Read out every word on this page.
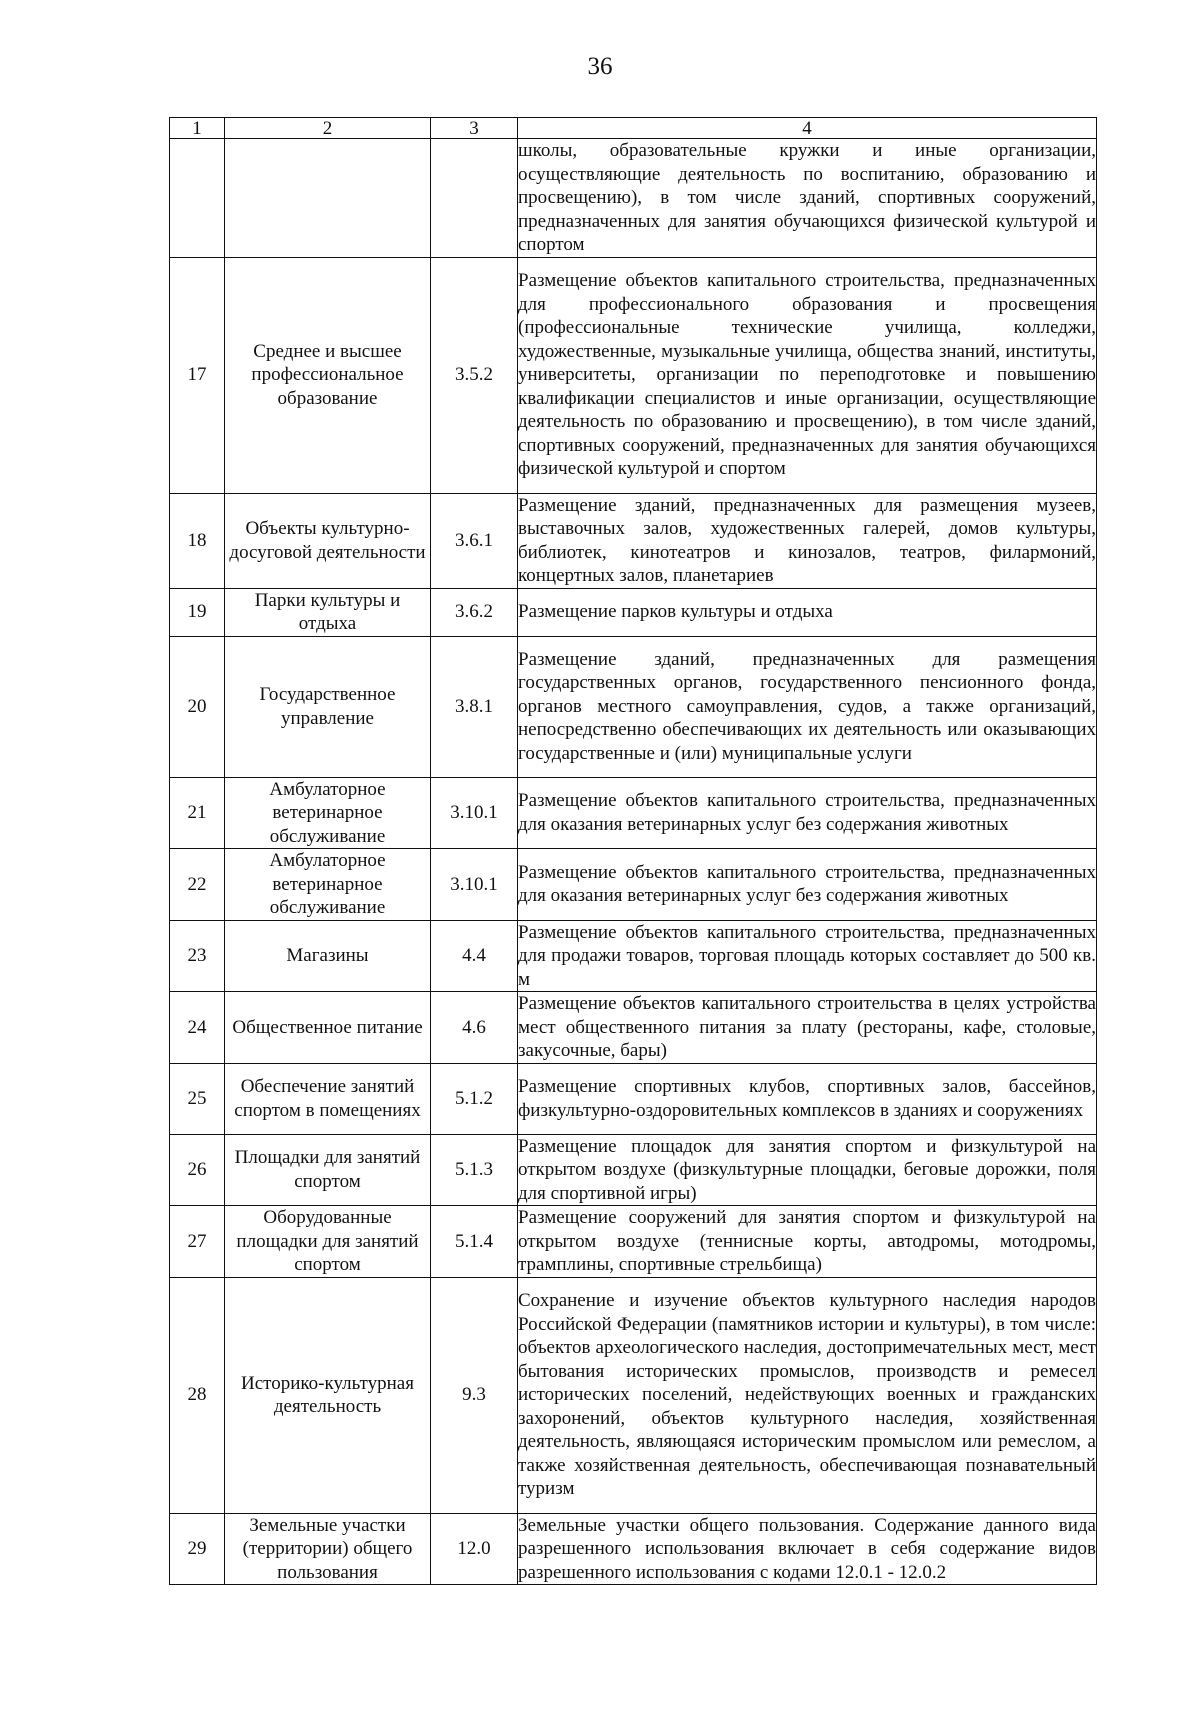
36
1	2	3	4
			школы, образовательные кружки и иные организации, осуществляющие деятельность по воспитанию, образованию и просвещению), в том числе зданий, спортивных сооружений, предназначенных для занятия обучающихся физической культурой и спортом
17	Среднее и высшее профессиональное образование	3.5.2	Размещение объектов капитального строительства, предназначенных для профессионального образования и просвещения (профессиональные технические училища, колледжи, художественные, музыкальные училища, общества знаний, институты, университеты, организации по переподготовке и повышению квалификации специалистов и иные организации, осуществляющие деятельность по образованию и просвещению), в том числе зданий, спортивных сооружений, предназначенных для занятия обучающихся физической культурой и спортом
18	Объекты культурно-досуговой деятельности	3.6.1	Размещение зданий, предназначенных для размещения музеев, выставочных залов, художественных галерей, домов культуры, библиотек, кинотеатров и кинозалов, театров, филармоний, концертных залов, планетариев
19	Парки культуры и отдыха	3.6.2	Размещение парков культуры и отдыха
20	Государственное управление	3.8.1	Размещение зданий, предназначенных для размещения государственных органов, государственного пенсионного фонда, органов местного самоуправления, судов, а также организаций, непосредственно обеспечивающих их деятельность или оказывающих государственные и (или) муниципальные услуги
21	Амбулаторное ветеринарное обслуживание	3.10.1	Размещение объектов капитального строительства, предназначенных для оказания ветеринарных услуг без содержания животных
22	Амбулаторное ветеринарное обслуживание	3.10.1	Размещение объектов капитального строительства, предназначенных для оказания ветеринарных услуг без содержания животных
23	Магазины	4.4	Размещение объектов капитального строительства, предназначенных для продажи товаров, торговая площадь которых составляет до 500 кв. м
24	Общественное питание	4.6	Размещение объектов капитального строительства в целях устройства мест общественного питания за плату (рестораны, кафе, столовые, закусочные, бары)
25	Обеспечение занятий спортом в помещениях	5.1.2	Размещение спортивных клубов, спортивных залов, бассейнов, физкультурно-оздоровительных комплексов в зданиях и сооружениях
26	Площадки для занятий спортом	5.1.3	Размещение площадок для занятия спортом и физкультурой на открытом воздухе (физкультурные площадки, беговые дорожки, поля для спортивной игры)
27	Оборудованные площадки для занятий спортом	5.1.4	Размещение сооружений для занятия спортом и физкультурой на открытом воздухе (теннисные корты, автодромы, мотодромы, трамплины, спортивные стрельбища)
28	Историко-культурная деятельность	9.3	Сохранение и изучение объектов культурного наследия народов Российской Федерации (памятников истории и культуры), в том числе: объектов археологического наследия, достопримечательных мест, мест бытования исторических промыслов, производств и ремесел исторических поселений, недействующих военных и гражданских захоронений, объектов культурного наследия, хозяйственная деятельность, являющаяся историческим промыслом или ремеслом, а также хозяйственная деятельность, обеспечивающая познавательный туризм
29	Земельные участки (территории) общего пользования	12.0	Земельные участки общего пользования. Содержание данного вида разрешенного использования включает в себя содержание видов разрешенного использования с кодами 12.0.1 - 12.0.2
